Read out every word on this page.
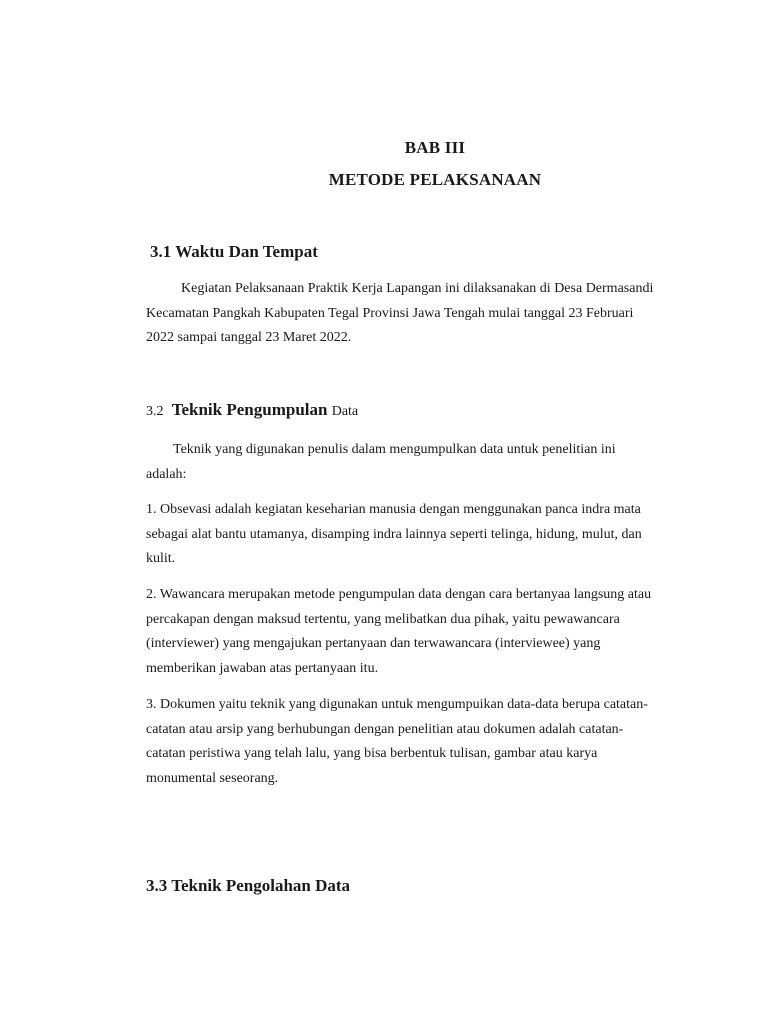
BAB III
METODE PELAKSANAAN
3.1 Waktu Dan Tempat

Kegiatan Pelaksanaan Praktik Kerja Lapangan ini dilaksanakan di Desa Dermasandi Kecamatan Pangkah Kabupaten Tegal Provinsi Jawa Tengah mulai tanggal 23 Februari 2022 sampai tanggal 23 Maret 2022.

3.2 Teknik Pengumpulan Data

Teknik yang digunakan penulis dalam mengumpulkan data untuk penelitian ini adalah:

1. Obsevasi adalah kegiatan keseharian manusia dengan menggunakan panca indra mata sebagai alat bantu utamanya, disamping indra lainnya seperti telinga, hidung, mulut, dan kulit.

2. Wawancara merupakan metode pengumpulan data dengan cara bertanyaa langsung atau percakapan dengan maksud tertentu, yang melibatkan dua pihak, yaitu pewawancara (interviewer) yang mengajukan pertanyaan dan terwawancara (interviewee) yang memberikan jawaban atas pertanyaan itu.

3. Dokumen yaitu teknik yang digunakan untuk mengumpuikan data-data berupa catatan-catatan atau arsip yang berhubungan dengan penelitian atau dokumen adalah catatan-catatan peristiwa yang telah lalu, yang bisa berbentuk tulisan, gambar atau karya monumental seseorang.

3.3 Teknik Pengolahan Data
